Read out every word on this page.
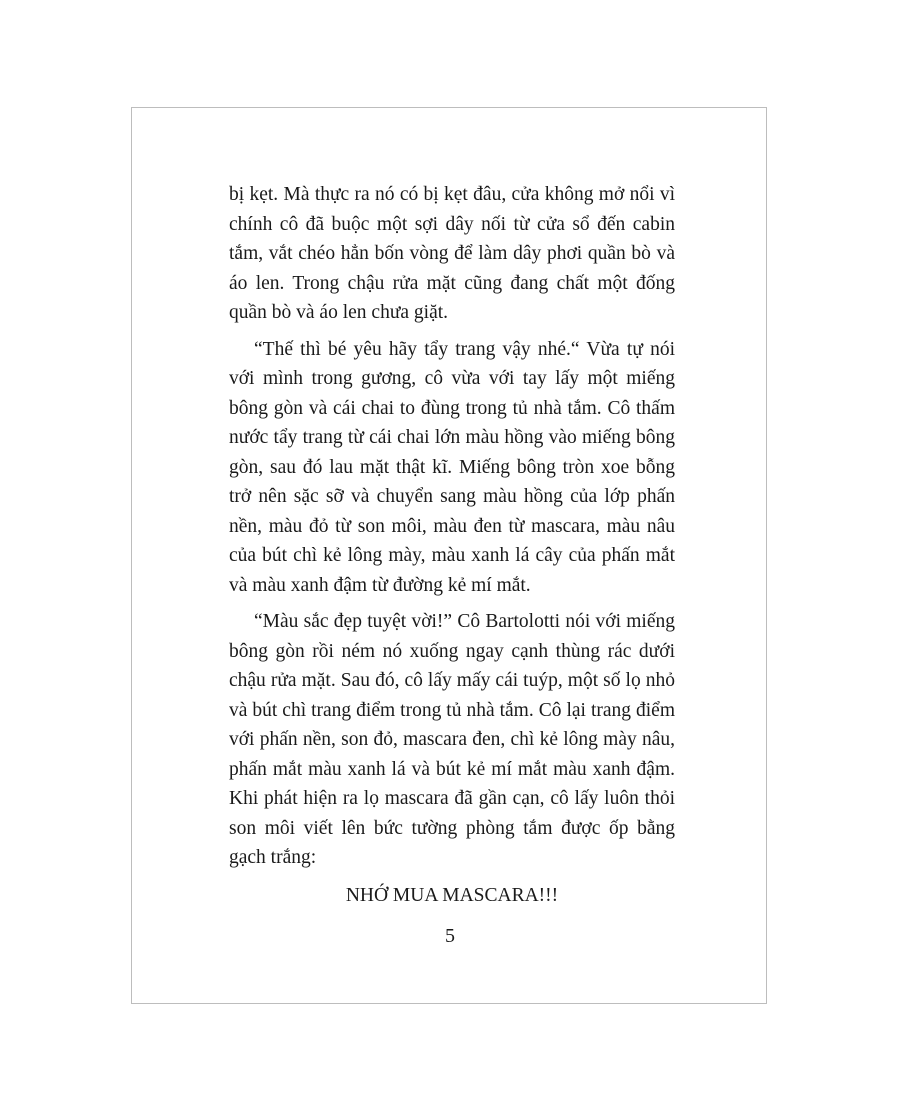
bị kẹt. Mà thực ra nó có bị kẹt đâu, cửa không mở nổi vì chính cô đã buộc một sợi dây nối từ cửa sổ đến cabin tắm, vắt chéo hẳn bốn vòng để làm dây phơi quần bò và áo len. Trong chậu rửa mặt cũng đang chất một đống quần bò và áo len chưa giặt.

“Thế thì bé yêu hãy tẩy trang vậy nhé.“ Vừa tự nói với mình trong gương, cô vừa với tay lấy một miếng bông gòn và cái chai to đùng trong tủ nhà tắm. Cô thấm nước tẩy trang từ cái chai lớn màu hồng vào miếng bông gòn, sau đó lau mặt thật kĩ. Miếng bông tròn xoe bỗng trở nên sặc sỡ và chuyển sang màu hồng của lớp phấn nền, màu đỏ từ son môi, màu đen từ mascara, màu nâu của bút chì kẻ lông mày, màu xanh lá cây của phấn mắt và màu xanh đậm từ đường kẻ mí mắt.

“Màu sắc đẹp tuyệt vời!” Cô Bartolotti nói với miếng bông gòn rồi ném nó xuống ngay cạnh thùng rác dưới chậu rửa mặt. Sau đó, cô lấy mấy cái tuýp, một số lọ nhỏ và bút chì trang điểm trong tủ nhà tắm. Cô lại trang điểm với phấn nền, son đỏ, mascara đen, chì kẻ lông mày nâu, phấn mắt màu xanh lá và bút kẻ mí mắt màu xanh đậm. Khi phát hiện ra lọ mascara đã gần cạn, cô lấy luôn thỏi son môi viết lên bức tường phòng tắm được ốp bằng gạch trắng:

NHỚ MUA MASCARA!!!

5
